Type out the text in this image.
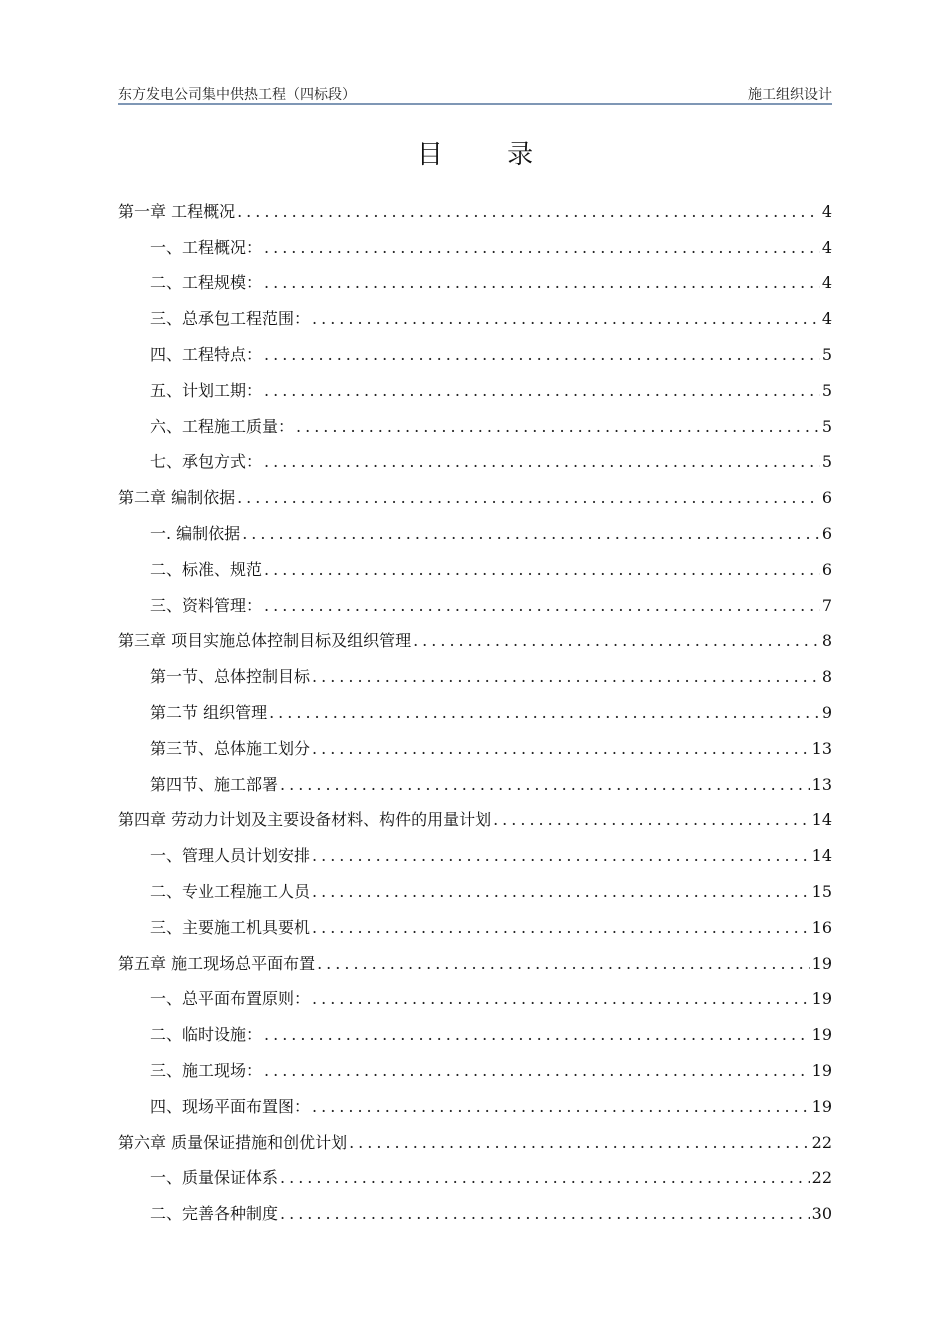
东方发电公司集中供热工程（四标段）	施工组织设计
目 录
第一章 工程概况 .....	4
一、工程概况： .....	4
二、工程规模： .....	4
三、总承包工程范围： .....	4
四、工程特点： .....	5
五、计划工期： .....	5
六、工程施工质量： .....	5
七、承包方式： .....	5
第二章 编制依据 .....	6
一. 编制依据 .....	6
二、标准、规范 .....	6
三、资料管理： .....	7
第三章 项目实施总体控制目标及组织管理 .....	8
第一节、总体控制目标 .....	8
第二节 组织管理 .....	9
第三节、总体施工划分 .....	13
第四节、施工部署 .....	13
第四章 劳动力计划及主要设备材料、构件的用量计划 .....	14
一、管理人员计划安排 .....	14
二、专业工程施工人员 .....	15
三、主要施工机具要机 .....	16
第五章 施工现场总平面布置 .....	19
一、总平面布置原则： .....	19
二、临时设施： .....	19
三、施工现场： .....	19
四、现场平面布置图： .....	19
第六章 质量保证措施和创优计划 .....	22
一、质量保证体系 .....	22
二、完善各种制度 .....	30
